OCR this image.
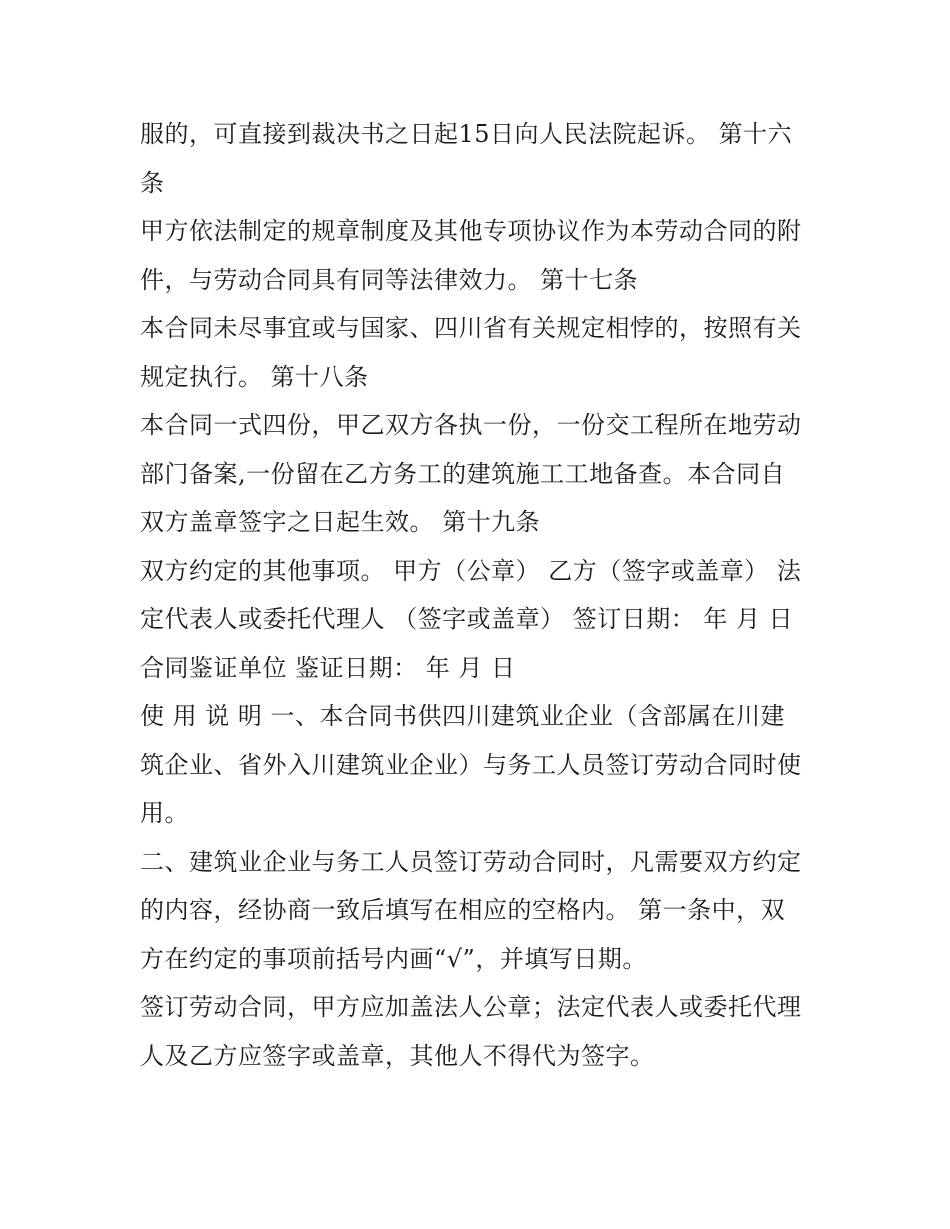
服的，可直接到裁决书之日起15日向人民法院起诉。 第十六
条
甲方依法制定的规章制度及其他专项协议作为本劳动合同的附
件，与劳动合同具有同等法律效力。 第十七条
本合同未尽事宜或与国家、四川省有关规定相悖的，按照有关
规定执行。 第十八条
本合同一式四份，甲乙双方各执一份，一份交工程所在地劳动
部门备案,一份留在乙方务工的建筑施工工地备查。本合同自
双方盖章签字之日起生效。 第十九条
双方约定的其他事项。 甲方（公章） 乙方（签字或盖章） 法
定代表人或委托代理人 （签字或盖章） 签订日期： 年 月 日
合同鉴证单位 鉴证日期： 年 月 日
使 用 说 明 一、本合同书供四川建筑业企业（含部属在川建
筑企业、省外入川建筑业企业）与务工人员签订劳动合同时使
用。
二、建筑业企业与务工人员签订劳动合同时，凡需要双方约定
的内容，经协商一致后填写在相应的空格内。 第一条中，双
方在约定的事项前括号内画“√”，并填写日期。
签订劳动合同，甲方应加盖法人公章；法定代表人或委托代理
人及乙方应签字或盖章，其他人不得代为签字。
